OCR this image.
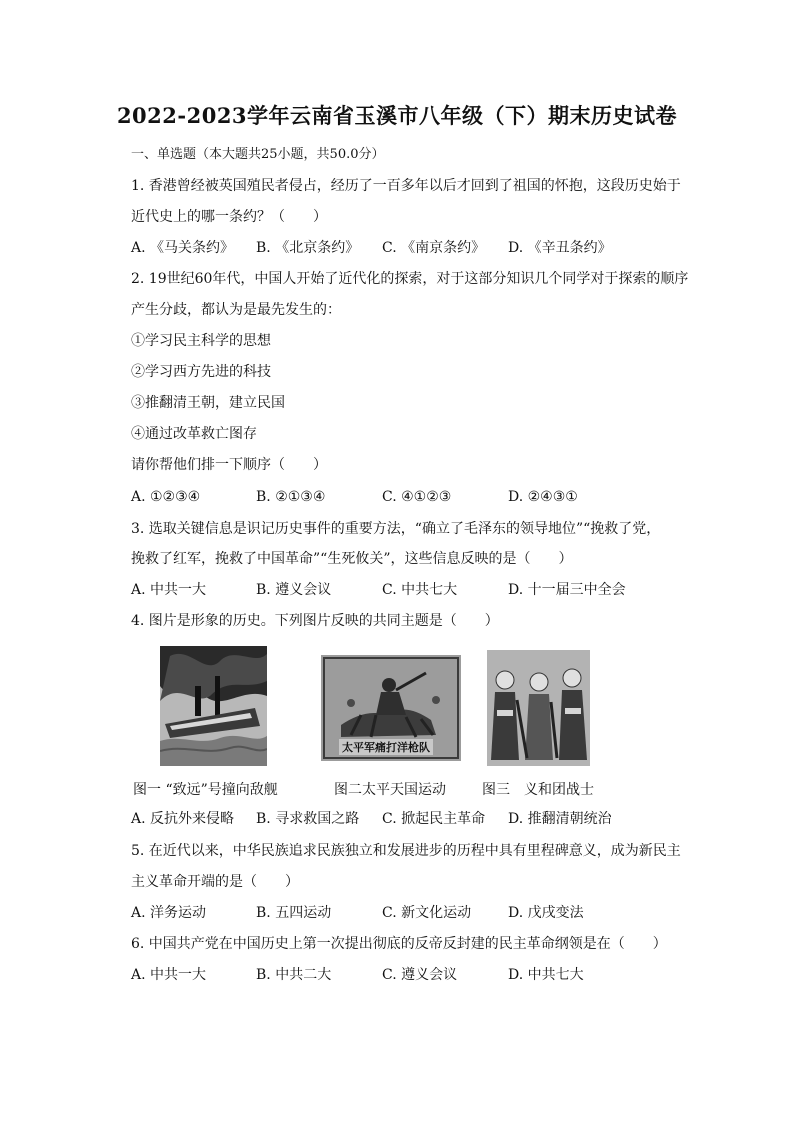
2022-2023学年云南省玉溪市八年级（下）期末历史试卷
一、单选题（本大题共25小题，共50.0分）
1. 香港曾经被英国殖民者侵占，经历了一百多年以后才回到了祖国的怀抱，这段历史始于
近代史上的哪一条约？（　　）
A. 《马关条约》 B. 《北京条约》 C. 《南京条约》 D. 《辛丑条约》
2. 19世纪60年代，中国人开始了近代化的探索，对于这部分知识几个同学对于探索的顺序
产生分歧，都认为是最先发生的：
①学习民主科学的思想
②学习西方先进的科技
③推翻清王朝，建立民国
④通过改革救亡图存
请你帮他们排一下顺序（　　）
A. ①②③④	B. ②①③④	C. ④①②③	D. ②④③①
3. 选取关键信息是识记历史事件的重要方法，“确立了毛泽东的领导地位”“挽救了党，
挽救了红军，挽救了中国革命”“生死攸关”，这些信息反映的是（　　）
A. 中共一大	B. 遵义会议	C. 中共七大	D. 十一届三中全会
4. 图片是形象的历史。下列图片反映的共同主题是（　　）
太平军痛打洋枪队
图一 “致远”号撞向敌舰	图二太平天国运动	图三　义和团战士
A. 反抗外来侵略 B. 寻求救国之路 C. 掀起民主革命 D. 推翻清朝统治
5. 在近代以来，中华民族追求民族独立和发展进步的历程中具有里程碑意义，成为新民主
主义革命开端的是（　　）
A. 洋务运动	B. 五四运动	C. 新文化运动	D. 戊戌变法
6. 中国共产党在中国历史上第一次提出彻底的反帝反封建的民主革命纲领是在（　　）
A. 中共一大	B. 中共二大	C. 遵义会议	D. 中共七大
